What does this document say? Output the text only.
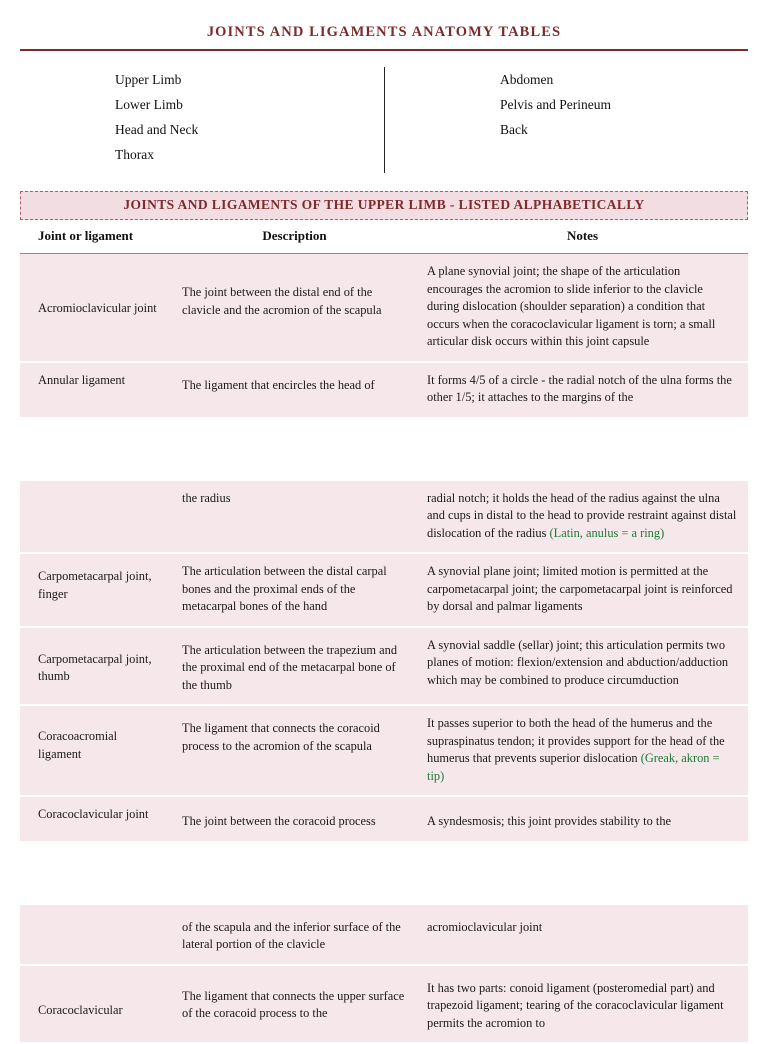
JOINTS AND LIGAMENTS ANATOMY TABLES
Upper Limb
Lower Limb
Head and Neck
Thorax
Abdomen
Pelvis and Perineum
Back
JOINTS AND LIGAMENTS OF THE UPPER LIMB - LISTED ALPHABETICALLY
Joint or ligament	Description	Notes
Acromioclavicular joint	The joint between the distal end of the clavicle and the acromion of the scapula	A plane synovial joint; the shape of the articulation encourages the acromion to slide inferior to the clavicle during dislocation (shoulder separation) a condition that occurs when the coracoclavicular ligament is torn; a small articular disk occurs within this joint capsule
Annular ligament	The ligament that encircles the head of	It forms 4/5 of a circle - the radial notch of the ulna forms the other 1/5; it attaches to the margins of the

	the radius	radial notch; it holds the head of the radius against the ulna and cups in distal to the head to provide restraint against distal dislocation of the radius (Latin, anulus = a ring)
Carpometacarpal joint, finger	The articulation between the distal carpal bones and the proximal ends of the metacarpal bones of the hand	A synovial plane joint; limited motion is permitted at the carpometacarpal joint; the carpometacarpal joint is reinforced by dorsal and palmar ligaments
Carpometacarpal joint, thumb	The articulation between the trapezium and the proximal end of the metacarpal bone of the thumb	A synovial saddle (sellar) joint; this articulation permits two planes of motion: flexion/extension and abduction/adduction which may be combined to produce circumduction
Coracoacromial ligament	The ligament that connects the coracoid process to the acromion of the scapula	It passes superior to both the head of the humerus and the supraspinatus tendon; it provides support for the head of the humerus that prevents superior dislocation (Greak, akron = tip)
Coracoclavicular joint	The joint between the coracoid process	A syndesmosis; this joint provides stability to the

	of the scapula and the inferior surface of the lateral portion of the clavicle	acromioclavicular joint
Coracoclavicular	The ligament that connects the upper surface of the coracoid process to the	It has two parts: conoid ligament (posteromedial part) and trapezoid ligament; tearing of the coracoclavicular ligament permits the acromion to
